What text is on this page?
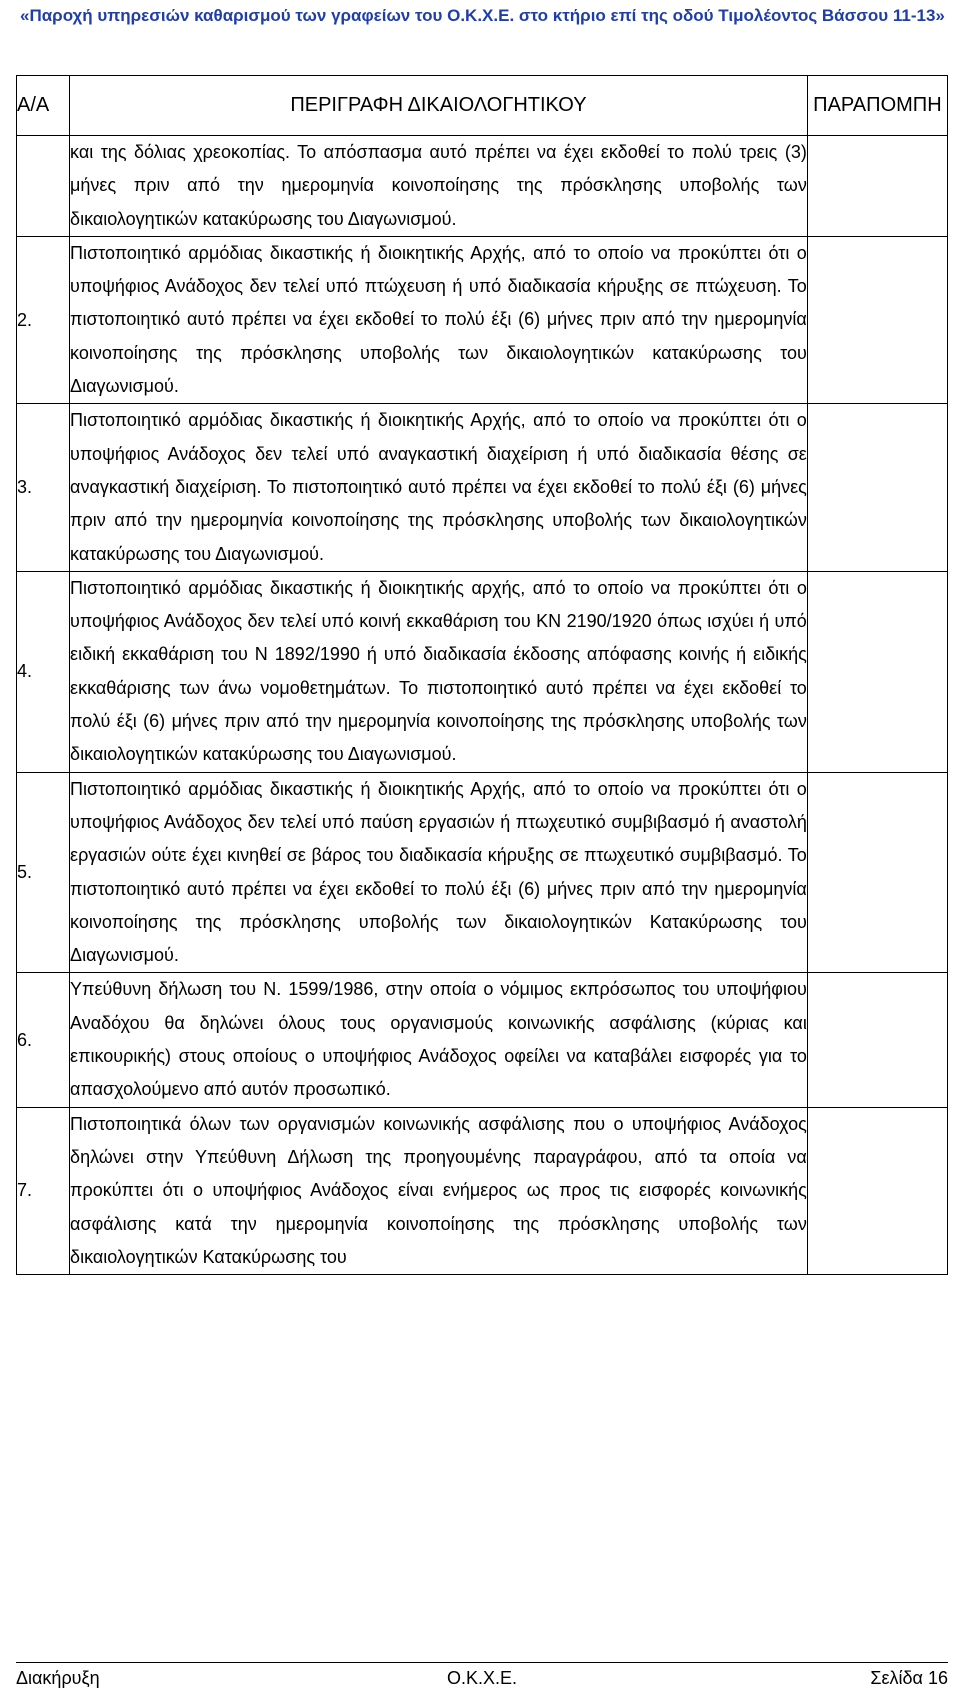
«Παροχή υπηρεσιών καθαρισμού των γραφείων του Ο.Κ.Χ.Ε. στο κτήριο επί της οδού Τιμολέοντος Βάσσου 11-13»
Α/Α	ΠΕΡΙΓΡΑΦΗ ΔΙΚΑΙΟΛΟΓΗΤΙΚΟΥ	ΠΑΡΑΠΟΜΠΗ
	και της δόλιας χρεοκοπίας. Το απόσπασμα αυτό πρέπει να έχει εκδοθεί το πολύ τρεις (3) μήνες πριν από την ημερομηνία κοινοποίησης της πρόσκλησης υποβολής των δικαιολογητικών κατακύρωσης του Διαγωνισμού.	
2.	Πιστοποιητικό αρμόδιας δικαστικής ή διοικητικής Αρχής, από το οποίο να προκύπτει ότι ο υποψήφιος Ανάδοχος δεν τελεί υπό πτώχευση ή υπό διαδικασία κήρυξης σε πτώχευση. Το πιστοποιητικό αυτό πρέπει να έχει εκδοθεί το πολύ έξι (6) μήνες πριν από την ημερομηνία κοινοποίησης της πρόσκλησης υποβολής των δικαιολογητικών κατακύρωσης του Διαγωνισμού.	
3.	Πιστοποιητικό αρμόδιας δικαστικής ή διοικητικής Αρχής, από το οποίο να προκύπτει ότι ο υποψήφιος Ανάδοχος δεν τελεί υπό αναγκαστική διαχείριση ή υπό διαδικασία θέσης σε αναγκαστική διαχείριση. Το πιστοποιητικό αυτό πρέπει να έχει εκδοθεί το πολύ έξι (6) μήνες πριν από την ημερομηνία κοινοποίησης της πρόσκλησης υποβολής των δικαιολογητικών κατακύρωσης του Διαγωνισμού.	
4.	Πιστοποιητικό αρμόδιας δικαστικής ή διοικητικής αρχής, από το οποίο να προκύπτει ότι ο υποψήφιος Ανάδοχος δεν τελεί υπό κοινή εκκαθάριση του ΚΝ 2190/1920 όπως ισχύει ή υπό ειδική εκκαθάριση του Ν 1892/1990 ή υπό διαδικασία έκδοσης απόφασης κοινής ή ειδικής εκκαθάρισης των άνω νομοθετημάτων. Το πιστοποιητικό αυτό πρέπει να έχει εκδοθεί το πολύ έξι (6) μήνες πριν από την ημερομηνία κοινοποίησης της πρόσκλησης υποβολής των δικαιολογητικών κατακύρωσης του Διαγωνισμού.	
5.	Πιστοποιητικό αρμόδιας δικαστικής ή διοικητικής Αρχής, από το οποίο να προκύπτει ότι ο υποψήφιος Ανάδοχος δεν τελεί υπό παύση εργασιών ή πτωχευτικό συμβιβασμό ή αναστολή εργασιών ούτε έχει κινηθεί σε βάρος του διαδικασία κήρυξης σε πτωχευτικό συμβιβασμό. Το πιστοποιητικό αυτό πρέπει να έχει εκδοθεί το πολύ έξι (6) μήνες πριν από την ημερομηνία κοινοποίησης της πρόσκλησης υποβολής των δικαιολογητικών Κατακύρωσης του Διαγωνισμού.	
6.	Υπεύθυνη δήλωση του Ν. 1599/1986, στην οποία ο νόμιμος εκπρόσωπος του υποψήφιου Αναδόχου θα δηλώνει όλους τους οργανισμούς κοινωνικής ασφάλισης (κύριας και επικουρικής) στους οποίους ο υποψήφιος Ανάδοχος οφείλει να καταβάλει εισφορές για το απασχολούμενο από αυτόν προσωπικό.	
7.	Πιστοποιητικά όλων των οργανισμών κοινωνικής ασφάλισης που ο υποψήφιος Ανάδοχος δηλώνει στην Υπεύθυνη Δήλωση της προηγουμένης παραγράφου, από τα οποία να προκύπτει ότι ο υποψήφιος Ανάδοχος είναι ενήμερος ως προς τις εισφορές κοινωνικής ασφάλισης κατά την ημερομηνία κοινοποίησης της πρόσκλησης υποβολής των δικαιολογητικών Κατακύρωσης του	
Διακήρυξη	Ο.Κ.Χ.Ε.	Σελίδα 16
